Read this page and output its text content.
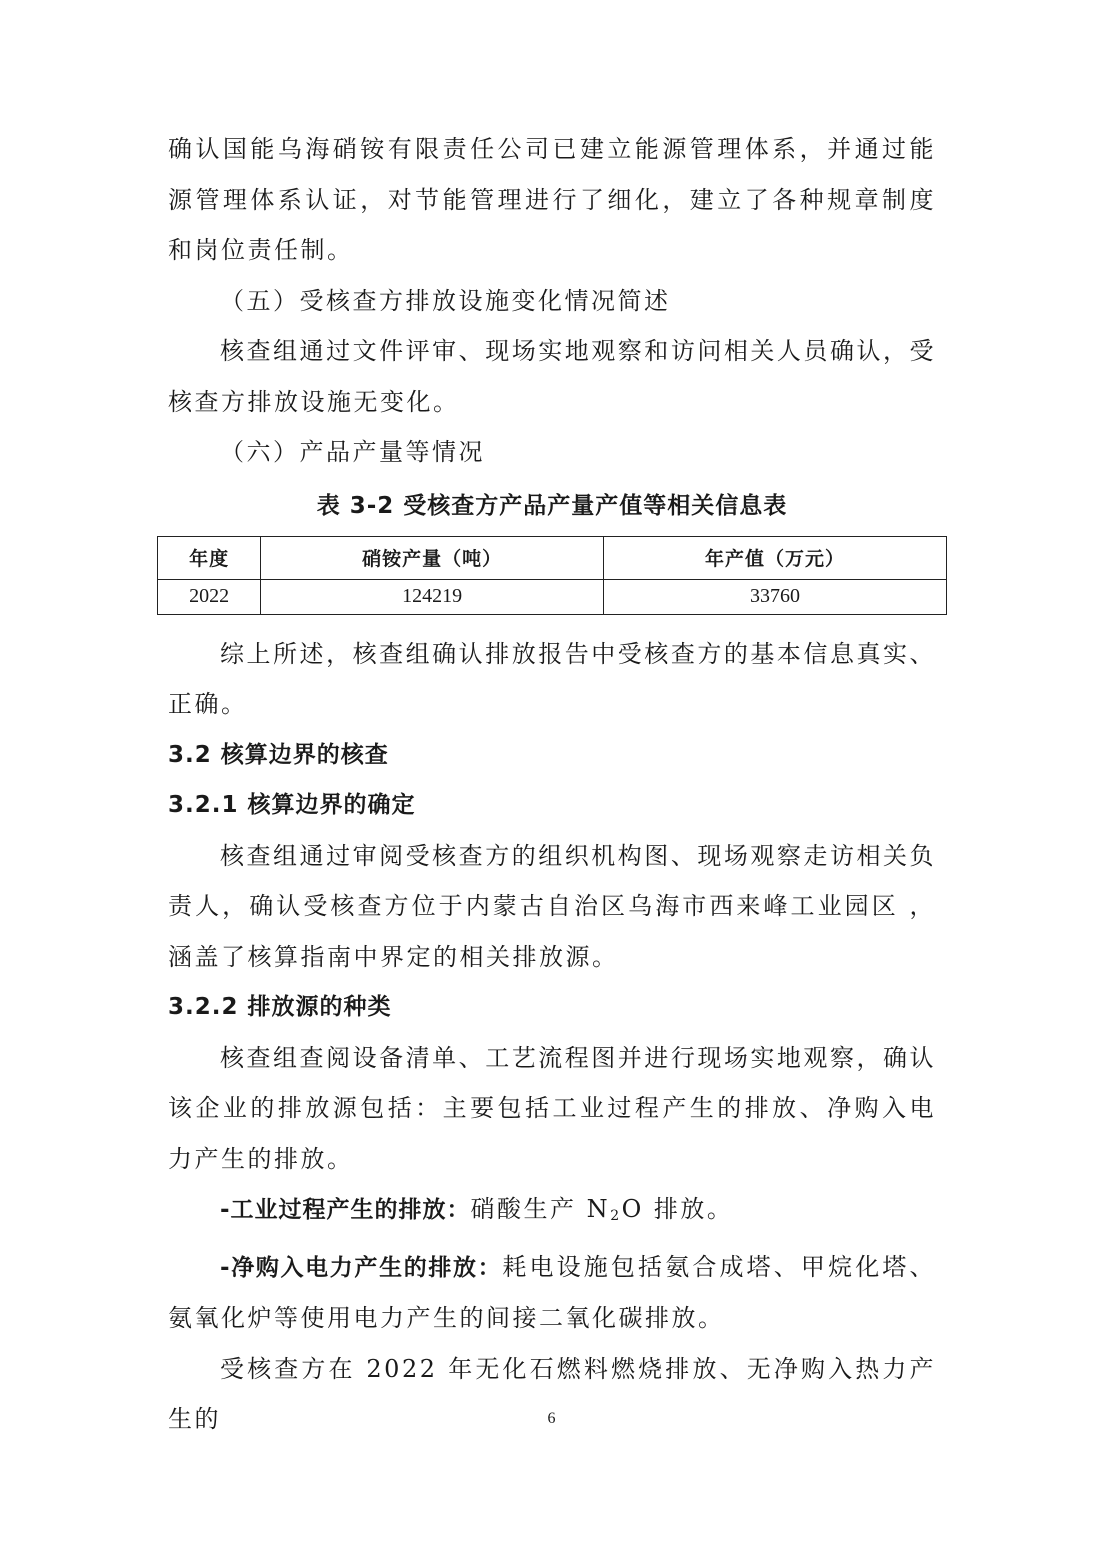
确认国能乌海硝铵有限责任公司已建立能源管理体系，并通过能源管理体系认证，对节能管理进行了细化，建立了各种规章制度和岗位责任制。

（五）受核查方排放设施变化情况简述

核查组通过文件评审、现场实地观察和访问相关人员确认，受核查方排放设施无变化。

（六）产品产量等情况

表 3-2 受核查方产品产量产值等相关信息表
年度	硝铵产量（吨）	年产值（万元）
2022	124219	33760

综上所述，核查组确认排放报告中受核查方的基本信息真实、正确。

3.2 核算边界的核查

3.2.1 核算边界的确定

核查组通过审阅受核查方的组织机构图、现场观察走访相关负责人，确认受核查方位于内蒙古自治区乌海市西来峰工业园区 ，涵盖了核算指南中界定的相关排放源。

3.2.2 排放源的种类

核查组查阅设备清单、工艺流程图并进行现场实地观察，确认该企业的排放源包括：主要包括工业过程产生的排放、净购入电力产生的排放。

-工业过程产生的排放：硝酸生产 $N_2O$ 排放。

-净购入电力产生的排放：耗电设施包括氨合成塔、甲烷化塔、氨氧化炉等使用电力产生的间接二氧化碳排放。

受核查方在 2022 年无化石燃料燃烧排放、无净购入热力产生的	6
